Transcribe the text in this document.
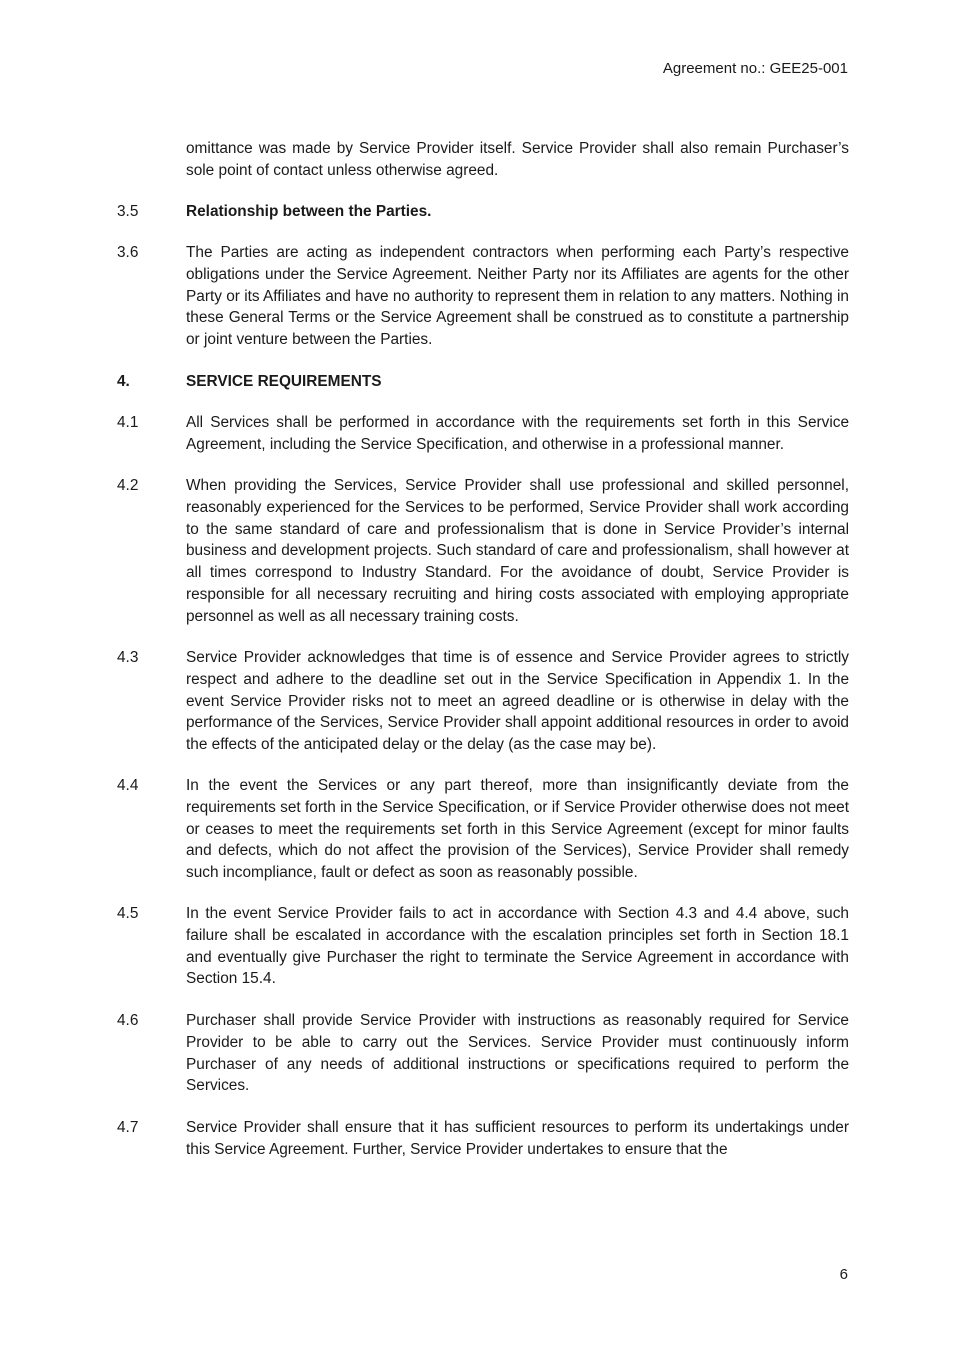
Agreement no.: GEE25-001
omittance was made by Service Provider itself. Service Provider shall also remain Purchaser’s sole point of contact unless otherwise agreed.
3.5	Relationship between the Parties.
3.6	The Parties are acting as independent contractors when performing each Party’s respective obligations under the Service Agreement. Neither Party nor its Affiliates are agents for the other Party or its Affiliates and have no authority to represent them in relation to any matters. Nothing in these General Terms or the Service Agreement shall be construed as to constitute a partnership or joint venture between the Parties.
4.	SERVICE REQUIREMENTS
4.1	All Services shall be performed in accordance with the requirements set forth in this Service Agreement, including the Service Specification, and otherwise in a professional manner.
4.2	When providing the Services, Service Provider shall use professional and skilled personnel, reasonably experienced for the Services to be performed, Service Provider shall work according to the same standard of care and professionalism that is done in Service Provider’s internal business and development projects. Such standard of care and professionalism, shall however at all times correspond to Industry Standard. For the avoidance of doubt, Service Provider is responsible for all necessary recruiting and hiring costs associated with employing appropriate personnel as well as all necessary training costs.
4.3	Service Provider acknowledges that time is of essence and Service Provider agrees to strictly respect and adhere to the deadline set out in the Service Specification in Appendix 1. In the event Service Provider risks not to meet an agreed deadline or is otherwise in delay with the performance of the Services, Service Provider shall appoint additional resources in order to avoid the effects of the anticipated delay or the delay (as the case may be).
4.4	In the event the Services or any part thereof, more than insignificantly deviate from the requirements set forth in the Service Specification, or if Service Provider otherwise does not meet or ceases to meet the requirements set forth in this Service Agreement (except for minor faults and defects, which do not affect the provision of the Services), Service Provider shall remedy such incompliance, fault or defect as soon as reasonably possible.
4.5	In the event Service Provider fails to act in accordance with Section 4.3 and 4.4 above, such failure shall be escalated in accordance with the escalation principles set forth in Section 18.1 and eventually give Purchaser the right to terminate the Service Agreement in accordance with Section 15.4.
4.6	Purchaser shall provide Service Provider with instructions as reasonably required for Service Provider to be able to carry out the Services. Service Provider must continuously inform Purchaser of any needs of additional instructions or specifications required to perform the Services.
4.7	Service Provider shall ensure that it has sufficient resources to perform its undertakings under this Service Agreement. Further, Service Provider undertakes to ensure that the
6
